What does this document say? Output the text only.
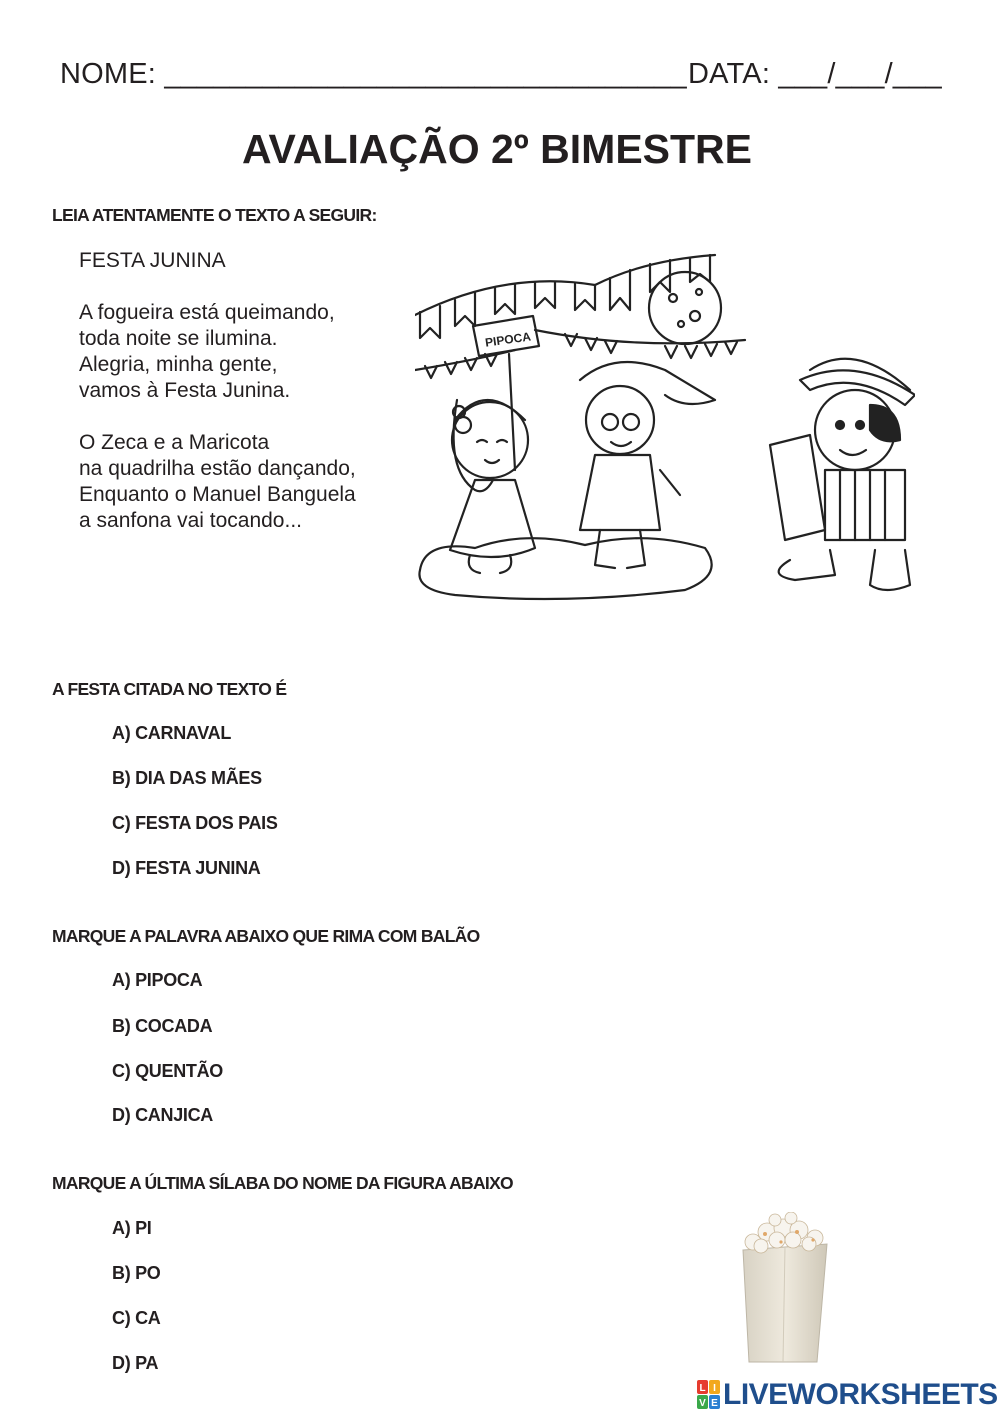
NOME: ________________________________ DATA: ___/___/___
AVALIAÇÃO 2º BIMESTRE
LEIA ATENTAMENTE O TEXTO A SEGUIR:
FESTA JUNINA
A fogueira está queimando,
toda noite se ilumina.
Alegria, minha gente,
vamos à Festa Junina.
O Zeca e a Maricota
na quadrilha estão dançando,
Enquanto o Manuel Banguela
a sanfona vai tocando...
PIPOCA
A FESTA CITADA NO TEXTO É
A) CARNAVAL
B) DIA DAS MÃES
C) FESTA DOS PAIS
D) FESTA JUNINA
MARQUE A PALAVRA ABAIXO QUE RIMA COM BALÃO
A) PIPOCA
B) COCADA
C) QUENTÃO
D) CANJICA
MARQUE A ÚLTIMA SÍLABA DO NOME DA FIGURA ABAIXO
A) PI
B) PO
C) CA
D) PA
L I
V E LIVEWORKSHEETS
